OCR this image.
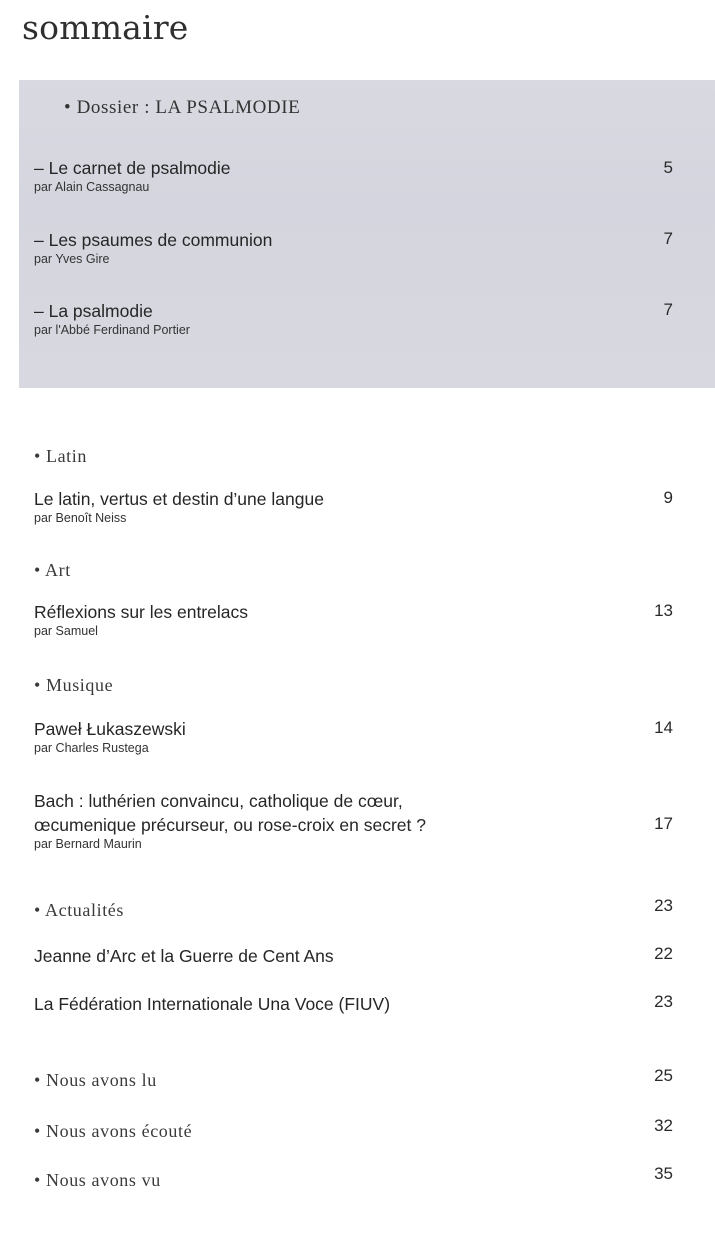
sommaire
• Dossier : LA PSALMODIE
– Le carnet de psalmodie
par Alain Cassagnau
5
– Les psaumes de communion
par Yves Gire
7
– La psalmodie
par l'Abbé Ferdinand Portier
7
• Latin
Le latin, vertus et destin d’une langue
par Benoît Neiss
9
• Art
Réflexions sur les entrelacs
par Samuel
13
• Musique
Paweł Łukaszewski
par Charles Rustega
14
Bach : luthérien convaincu, catholique de cœur,
œcumenique précurseur, ou rose-croix en secret ?
par Bernard Maurin
17
• Actualités	23
Jeanne d’Arc et la Guerre de Cent Ans	22
La Fédération Internationale Una Voce (FIUV)	23
• Nous avons lu	25
• Nous avons écouté	32
• Nous avons vu	35
